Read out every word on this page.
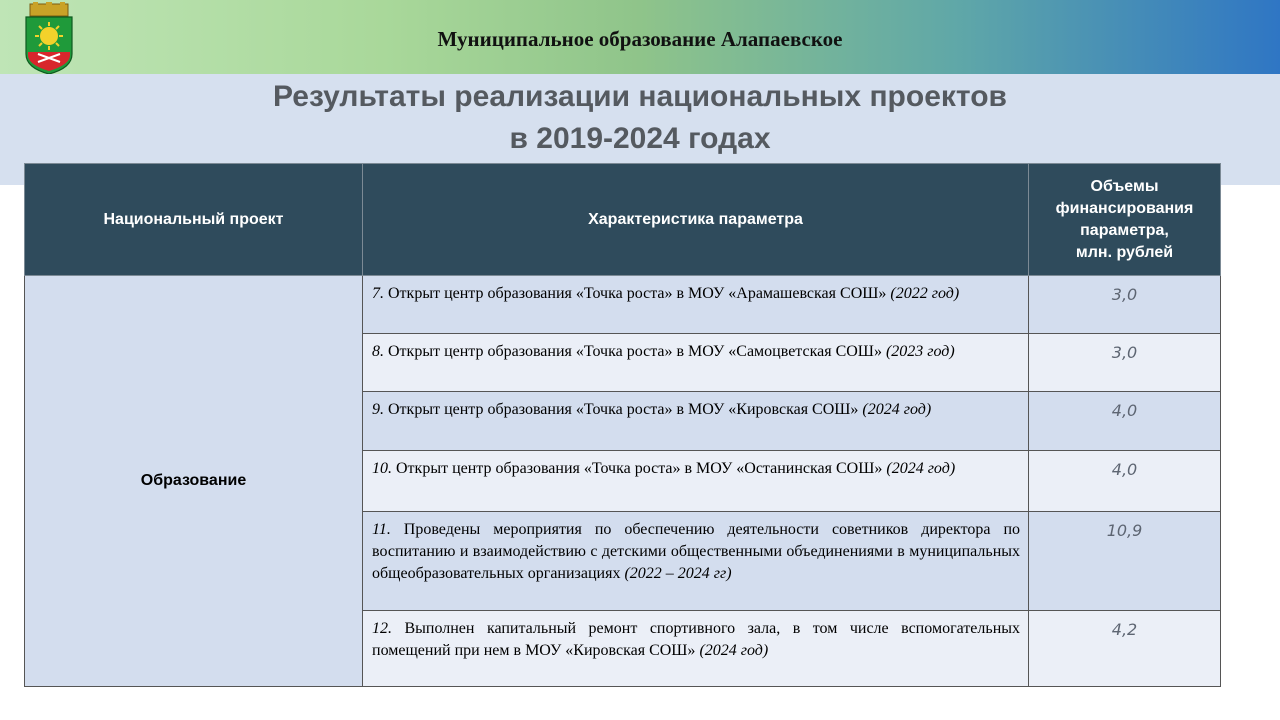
Муниципальное образование Алапаевское
Результаты реализации национальных проектов
в 2019-2024 годах
Национальный проект	Характеристика параметра	Объемы финансирования параметра,
млн. рублей
Образование	7. Открыт центр образования «Точка роста» в МОУ «Арамашевская СОШ» (2022 год)	3,0
	8. Открыт центр образования «Точка роста» в МОУ «Самоцветская СОШ» (2023 год)	3,0
	9. Открыт центр образования «Точка роста» в МОУ «Кировская СОШ» (2024 год)	4,0
	10. Открыт центр образования «Точка роста» в МОУ «Останинская СОШ» (2024 год)	4,0
	11. Проведены мероприятия по обеспечению деятельности советников директора по воспитанию и взаимодействию с детскими общественными объединениями в муниципальных общеобразовательных организациях (2022 – 2024 гг)	10,9
	12. Выполнен капитальный ремонт спортивного зала, в том числе вспомогательных помещений при нем в МОУ «Кировская СОШ» (2024 год)	4,2
